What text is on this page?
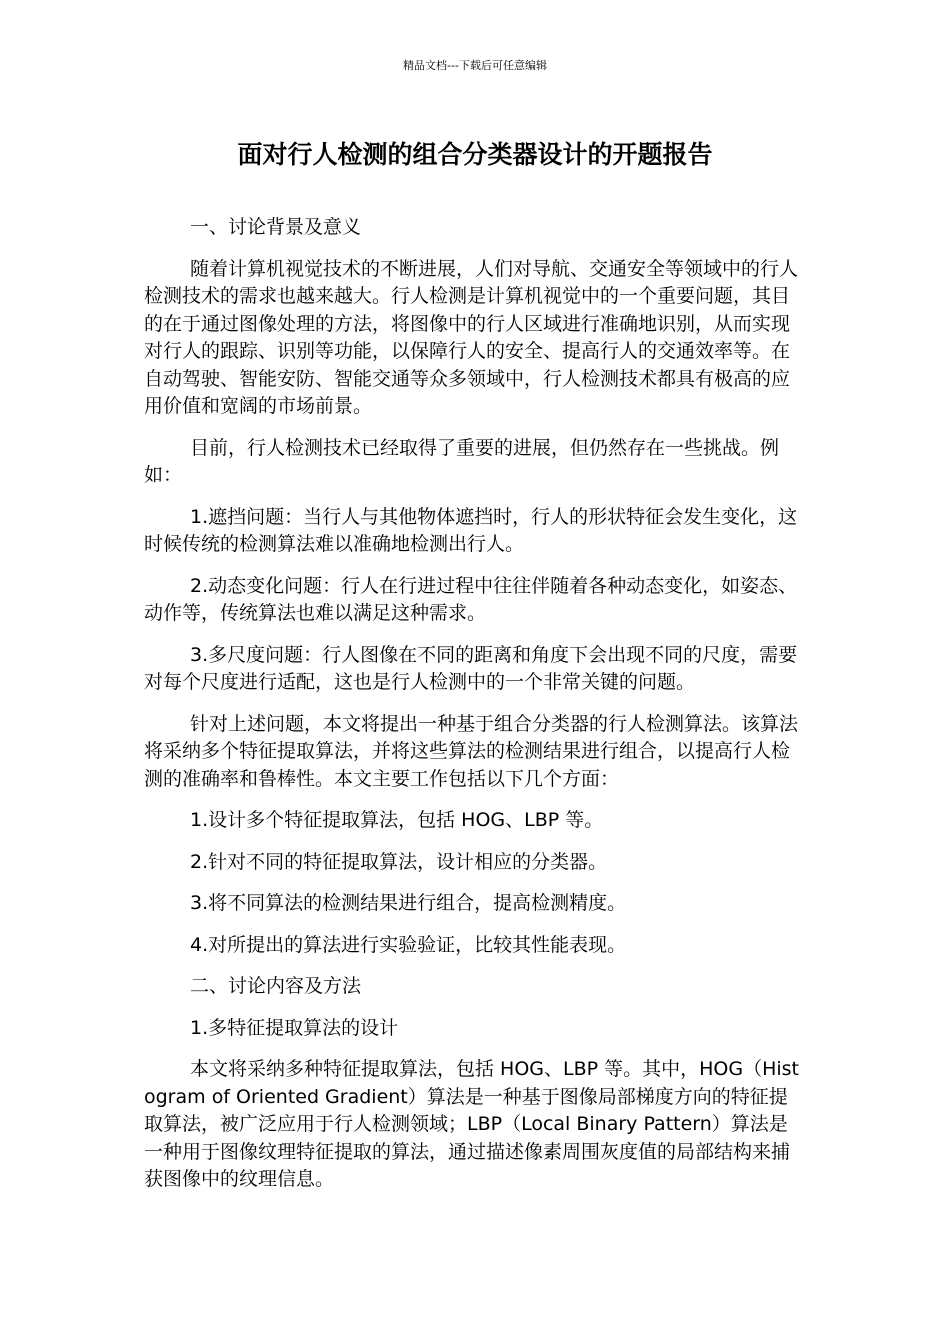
精品文档---下载后可任意编辑
面对行人检测的组合分类器设计的开题报告

一、讨论背景及意义

随着计算机视觉技术的不断进展，人们对导航、交通安全等领域中的行人检测技术的需求也越来越大。行人检测是计算机视觉中的一个重要问题，其目的在于通过图像处理的方法，将图像中的行人区域进行准确地识别，从而实现对行人的跟踪、识别等功能，以保障行人的安全、提高行人的交通效率等。在自动驾驶、智能安防、智能交通等众多领域中，行人检测技术都具有极高的应用价值和宽阔的市场前景。

目前，行人检测技术已经取得了重要的进展，但仍然存在一些挑战。例如：

1.遮挡问题：当行人与其他物体遮挡时，行人的形状特征会发生变化，这时候传统的检测算法难以准确地检测出行人。

2.动态变化问题：行人在行进过程中往往伴随着各种动态变化，如姿态、动作等，传统算法也难以满足这种需求。

3.多尺度问题：行人图像在不同的距离和角度下会出现不同的尺度，需要对每个尺度进行适配，这也是行人检测中的一个非常关键的问题。

针对上述问题，本文将提出一种基于组合分类器的行人检测算法。该算法将采纳多个特征提取算法，并将这些算法的检测结果进行组合，以提高行人检测的准确率和鲁棒性。本文主要工作包括以下几个方面：

1.设计多个特征提取算法，包括 HOG、LBP 等。

2.针对不同的特征提取算法，设计相应的分类器。

3.将不同算法的检测结果进行组合，提高检测精度。

4.对所提出的算法进行实验验证，比较其性能表现。

二、讨论内容及方法

1.多特征提取算法的设计

本文将采纳多种特征提取算法，包括 HOG、LBP 等。其中，HOG（Histogram of Oriented Gradient）算法是一种基于图像局部梯度方向的特征提取算法，被广泛应用于行人检测领域；LBP（Local Binary Pattern）算法是一种用于图像纹理特征提取的算法，通过描述像素周围灰度值的局部结构来捕获图像中的纹理信息。
